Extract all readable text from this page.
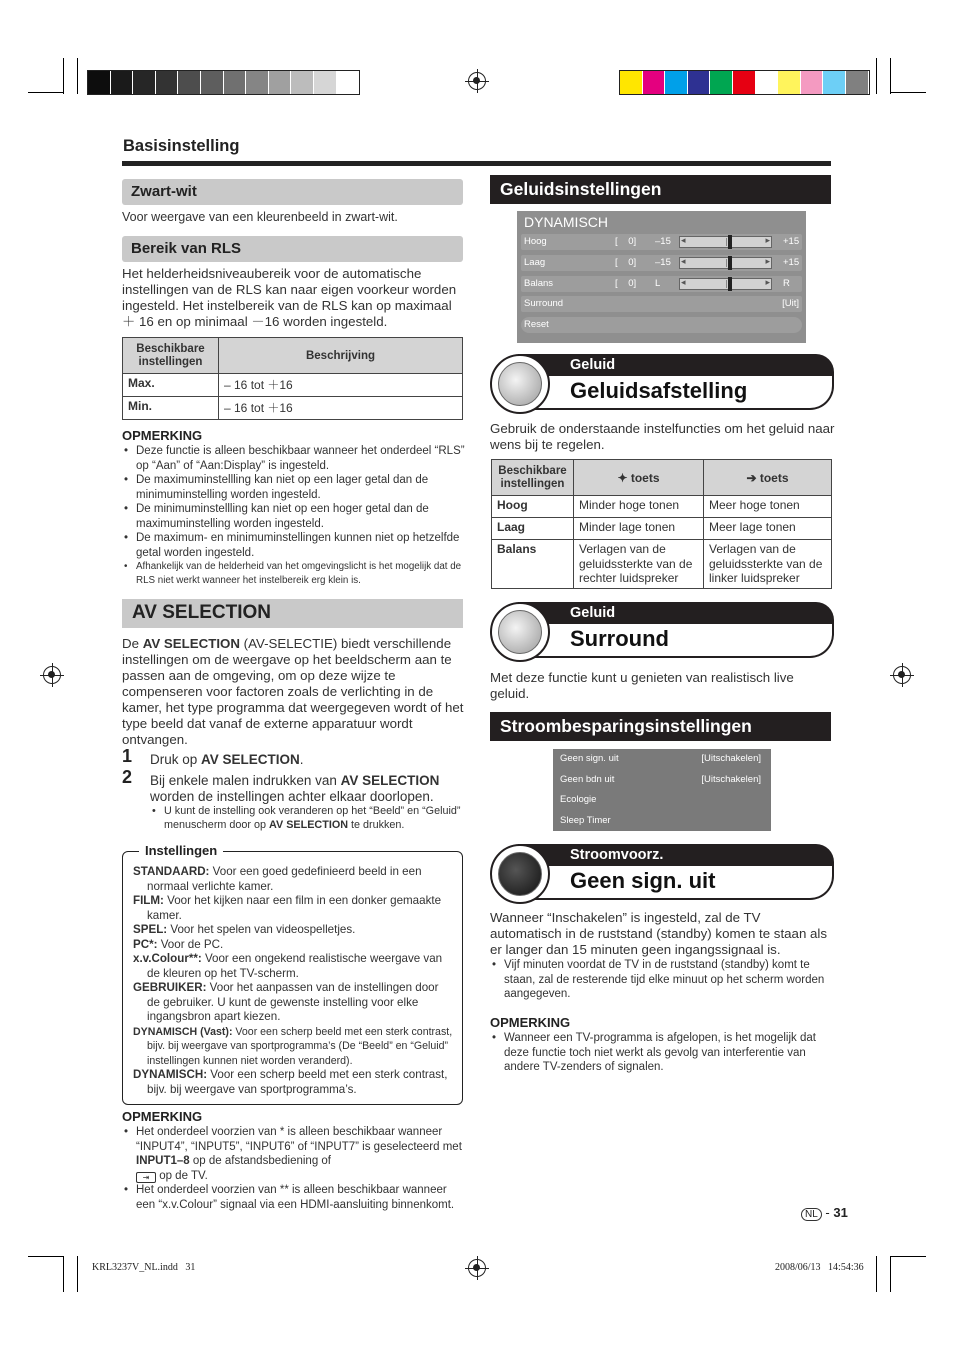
Basisinstelling
Zwart-wit
Voor weergave van een kleurenbeeld in zwart-wit.
Bereik van RLS
Het helderheidsniveaubereik voor de automatische instellingen van de RLS kan naar eigen voorkeur worden ingesteld. Het instelbereik van de RLS kan op maximaal ＋ 16 en op minimaal －16 worden ingesteld.
Beschikbare instellingen	Beschrijving
Max.	– 16 tot ＋16
Min.	– 16 tot ＋16
OPMERKING
• Deze functie is alleen beschikbaar wanneer het onderdeel “RLS” op “Aan” of “Aan:Display” is ingesteld.
• De maximuminstellling kan niet op een lager getal dan de minimuminstelling worden ingesteld.
• De minimuminstellling kan niet op een hoger getal dan de maximuminstelling worden ingesteld.
• De maximum- en minimuminstellingen kunnen niet op hetzelfde getal worden ingesteld.
• Afhankelijk van de helderheid van het omgevingslicht is het mogelijk dat de RLS niet werkt wanneer het instelbereik erg klein is.
AV SELECTION
De AV SELECTION (AV-SELECTIE) biedt verschillende instellingen om de weergave op het beeldscherm aan te passen aan de omgeving, om op deze wijze te compenseren voor factoren zoals de verlichting in de kamer, het type programma dat weergegeven wordt of het type beeld dat vanaf de externe apparatuur wordt ontvangen.
1 Druk op AV SELECTION.
2 Bij enkele malen indrukken van AV SELECTION worden de instellingen achter elkaar doorlopen.
• U kunt de instelling ook veranderen op het “Beeld” en “Geluid” menuscherm door op AV SELECTION te drukken.
Instellingen
STANDAARD: Voor een goed gedefinieerd beeld in een normaal verlichte kamer.
FILM: Voor het kijken naar een film in een donker gemaakte kamer.
SPEL: Voor het spelen van videospelletjes.
PC*: Voor de PC.
x.v.Colour**: Voor een ongekend realistische weergave van de kleuren op het TV-scherm.
GEBRUIKER: Voor het aanpassen van de instellingen door de gebruiker. U kunt de gewenste instelling voor elke ingangsbron apart kiezen.
DYNAMISCH (Vast): Voor een scherp beeld met een sterk contrast, bijv. bij weergave van sportprogramma’s (De “Beeld” en “Geluid” instellingen kunnen niet worden veranderd).
DYNAMISCH: Voor een scherp beeld met een sterk contrast, bijv. bij weergave van sportprogramma’s.
OPMERKING
• Het onderdeel voorzien van * is alleen beschikbaar wanneer “INPUT4”, “INPUT5”, “INPUT6” of “INPUT7” is geselecteerd met INPUT1–8 op de afstandsbediening of
⇥ op de TV.
• Het onderdeel voorzien van ** is alleen beschikbaar wanneer een “x.v.Colour” signaal via een HDMI-aansluiting binnenkomt.
Geluidsinstellingen
DYNAMISCH
Hoog	[    0] –15	+15
◂	▸
Laag	[    0] –15	+15
◂	▸
Balans	[    0] L	R
◂	▸
Surround	[Uit]
Reset
Geluid
Geluidsafstelling
Gebruik de onderstaande instelfuncties om het geluid naar wens bij te regelen.
Beschikbare instellingen	✦ toets	➔ toets
Hoog	Minder hoge tonen	Meer hoge tonen
Laag	Minder lage tonen	Meer lage tonen
Balans	Verlagen van de geluidssterkte van de rechter luidspreker	Verlagen van de geluidssterkte van de linker luidspreker
Geluid
Surround
Met deze functie kunt u genieten van realistisch live geluid.
Stroombesparingsinstellingen
Geen sign. uit	[Uitschakelen]
Geen bdn uit	[Uitschakelen]
Ecologie
Sleep Timer
Stroomvoorz.
Geen sign. uit
Wanneer “Inschakelen” is ingesteld, zal de TV automatisch in de ruststand (standby) komen te staan als er langer dan 15 minuten geen ingangssignaal is.
• Vijf minuten voordat de TV in de ruststand (standby) komt te staan, zal de resterende tijd elke minuut op het scherm worden aangegeven.
OPMERKING
• Wanneer een TV-programma is afgelopen, is het mogelijk dat deze functie toch niet werkt als gevolg van interferentie van andere TV-zenders of signalen.
NL - 31
KRL3237V_NL.indd   31	2008/06/13   14:54:36
